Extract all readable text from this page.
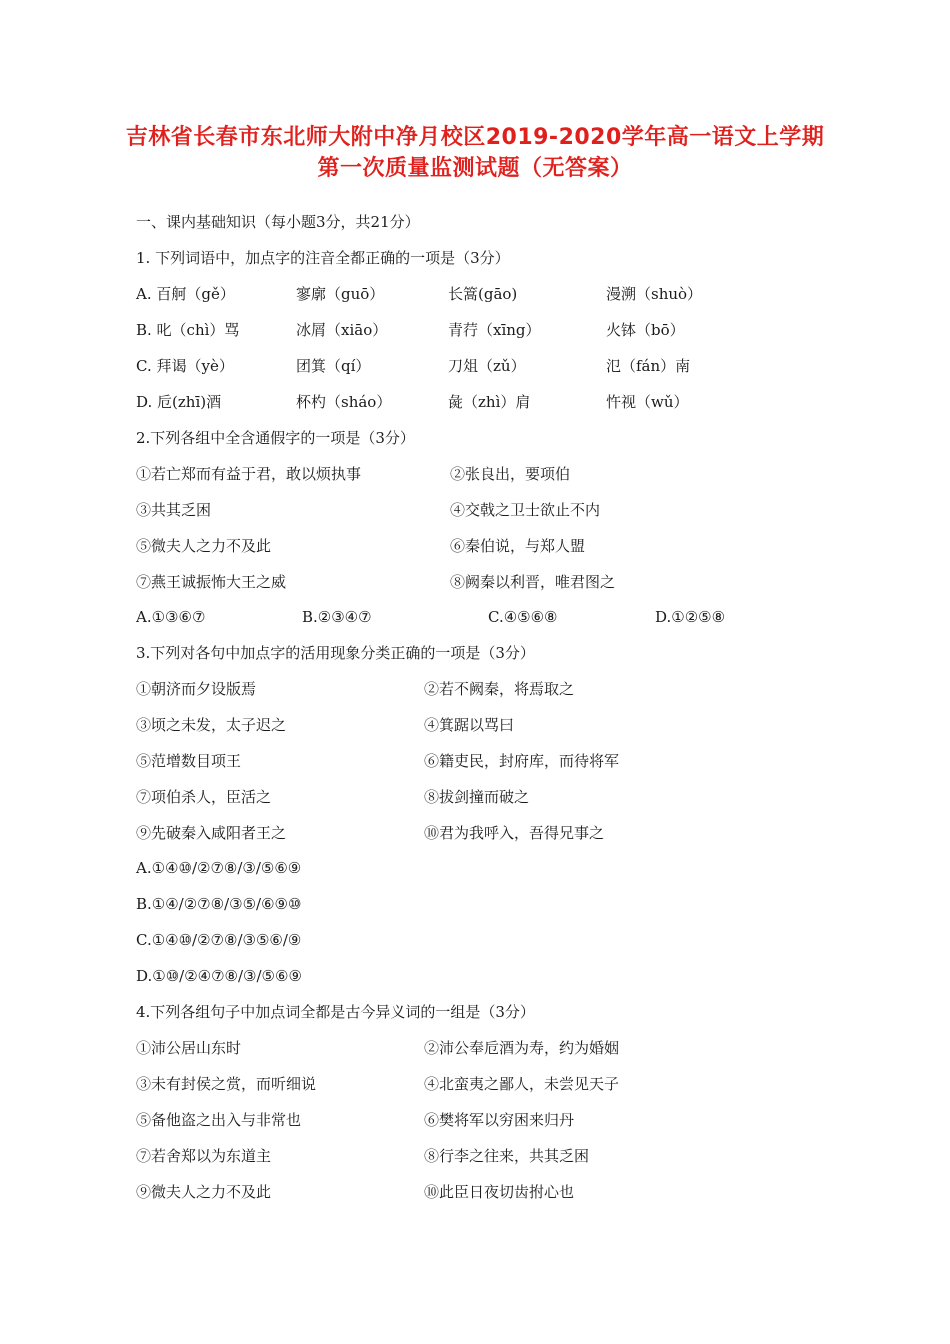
吉林省长春市东北师大附中净月校区2019-2020学年高一语文上学期
第一次质量监测试题（无答案）
一、课内基础知识（每小题3分，共21分）
1. 下列词语中，加点字的注音全都正确的一项是（3分）
A. 百舸（gě）	寥廓（guō）	长篙(gāo)	漫溯（shuò）
B. 叱（chì）骂	冰屑（xiāo）	青荇（xīng）	火钵（bō）
C. 拜谒（yè）	团箕（qí）	刀俎（zǔ）	氾（fán）南
D. 卮(zhī)酒	杯杓（sháo）	彘（zhì）肩	忤视（wǔ）
2.下列各组中全含通假字的一项是（3分）
①若亡郑而有益于君，敢以烦执事	②张良出，要项伯
③共其乏困	④交戟之卫士欲止不内
⑤微夫人之力不及此	⑥秦伯说，与郑人盟
⑦燕王诚振怖大王之威	⑧阙秦以利晋，唯君图之
A.①③⑥⑦	B.②③④⑦	C.④⑤⑥⑧	D.①②⑤⑧
3.下列对各句中加点字的活用现象分类正确的一项是（3分）
①朝济而夕设版焉	②若不阙秦，将焉取之
③顷之未发，太子迟之	④箕踞以骂曰
⑤范增数目项王	⑥籍吏民，封府库，而待将军
⑦项伯杀人，臣活之	⑧拔剑撞而破之
⑨先破秦入咸阳者王之	⑩君为我呼入，吾得兄事之
A.①④⑩/②⑦⑧/③/⑤⑥⑨
B.①④/②⑦⑧/③⑤/⑥⑨⑩
C.①④⑩/②⑦⑧/③⑤⑥/⑨
D.①⑩/②④⑦⑧/③/⑤⑥⑨
4.下列各组句子中加点词全都是古今异义词的一组是（3分）
①沛公居山东时	②沛公奉卮酒为寿，约为婚姻
③未有封侯之赏，而听细说	④北蛮夷之鄙人，未尝见天子
⑤备他盗之出入与非常也	⑥樊将军以穷困来归丹
⑦若舍郑以为东道主	⑧行李之往来，共其乏困
⑨微夫人之力不及此	⑩此臣日夜切齿拊心也
